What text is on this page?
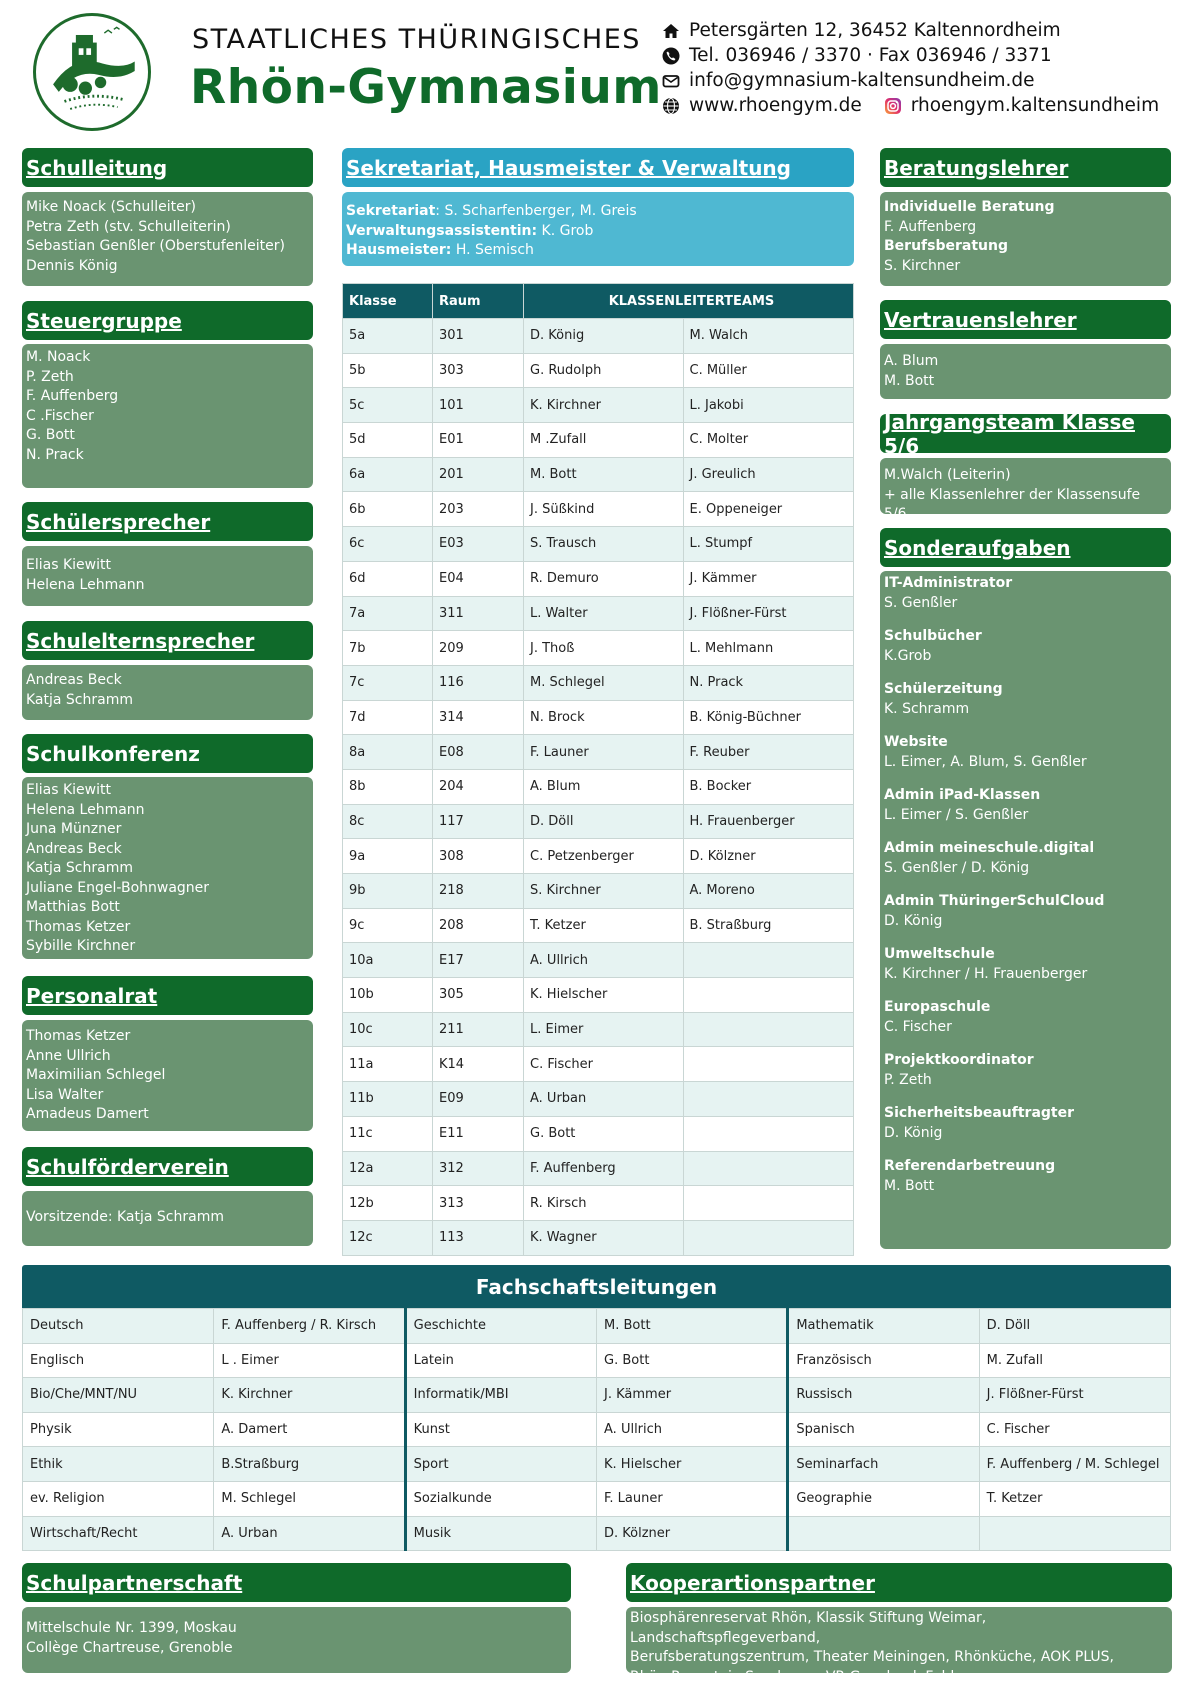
STAATLICHES THÜRINGISCHES
Rhön-Gymnasium
Petersgärten 12, 36452 Kaltennordheim
Tel. 036946 / 3370 · Fax 036946 / 3371
info@gymnasium-kaltensundheim.de
www.rhoengym.de	rhoengym.kaltensundheim
Schulleitung
Mike Noack (Schulleiter)
Petra Zeth (stv. Schulleiterin)
Sebastian Genßler (Oberstufenleiter)
Dennis König
Steuergruppe
M. Noack
P. Zeth
F. Auffenberg
C .Fischer
G. Bott
N. Prack
Schülersprecher
Elias Kiewitt
Helena Lehmann
Schulelternsprecher
Andreas Beck
Katja Schramm
Schulkonferenz
Elias Kiewitt
Helena Lehmann
Juna Münzner
Andreas Beck
Katja Schramm
Juliane Engel-Bohnwagner
Matthias Bott
Thomas Ketzer
Sybille Kirchner
Personalrat
Thomas Ketzer
Anne Ullrich
Maximilian Schlegel
Lisa Walter
Amadeus Damert
Schulförderverein
Vorsitzende: Katja Schramm
Sekretariat, Hausmeister & Verwaltung
Sekretariat: S. Scharfenberger, M. Greis
Verwaltungsassistentin: K. Grob
Hausmeister: H. Semisch
Klasse	Raum	KLASSENLEITERTEAMS	
5a	301	D. König	M. Walch
5b	303	G. Rudolph	C. Müller
5c	101	K. Kirchner	L. Jakobi
5d	E01	M .Zufall	C. Molter
6a	201	M. Bott	J. Greulich
6b	203	J. Süßkind	E. Oppeneiger
6c	E03	S. Trausch	L. Stumpf
6d	E04	R. Demuro	J. Kämmer
7a	311	L. Walter	J. Flößner-Fürst
7b	209	J. Thoß	L. Mehlmann
7c	116	M. Schlegel	N. Prack
7d	314	N. Brock	B. König-Büchner
8a	E08	F. Launer	F. Reuber
8b	204	A. Blum	B. Bocker
8c	117	D. Döll	H. Frauenberger
9a	308	C. Petzenberger	D. Kölzner
9b	218	S. Kirchner	A. Moreno
9c	208	T. Ketzer	B. Straßburg
10a	E17	A. Ullrich	
10b	305	K. Hielscher	
10c	211	L. Eimer	
11a	K14	C. Fischer	
11b	E09	A. Urban	
11c	E11	G. Bott	
12a	312	F. Auffenberg	
12b	313	R. Kirsch	
12c	113	K. Wagner	
Beratungslehrer
Individuelle Beratung
F. Auffenberg
Berufsberatung
S. Kirchner
Vertrauenslehrer
A. Blum
M. Bott
Jahrgangsteam Klasse 5/6
M.Walch (Leiterin)
+ alle Klassenlehrer der Klassensufe 5/6
Sonderaufgaben
IT-Administrator
S. Genßler
Schulbücher
K.Grob
Schülerzeitung
K. Schramm
Website
L. Eimer, A. Blum, S. Genßler
Admin iPad-Klassen
L. Eimer / S. Genßler
Admin meineschule.digital
S. Genßler / D. König
Admin ThüringerSchulCloud
D. König
Umweltschule
K. Kirchner / H. Frauenberger
Europaschule
C. Fischer
Projektkoordinator
P. Zeth
Sicherheitsbeauftragter
D. König
Referendarbetreuung
M. Bott
Fachschaftsleitungen
Deutsch	F. Auffenberg / R. Kirsch	Geschichte	M. Bott	Mathematik	D. Döll
Englisch	L . Eimer	Latein	G. Bott	Französisch	M. Zufall
Bio/Che/MNT/NU	K. Kirchner	Informatik/MBI	J. Kämmer	Russisch	J. Flößner-Fürst
Physik	A. Damert	Kunst	A. Ullrich	Spanisch	C. Fischer
Ethik	B.Straßburg	Sport	K. Hielscher	Seminarfach	F. Auffenberg / M. Schlegel
ev. Religion	M. Schlegel	Sozialkunde	F. Launer	Geographie	T. Ketzer
Wirtschaft/Recht	A. Urban	Musik	D. Kölzner		
Schulpartnerschaft
Mittelschule Nr. 1399, Moskau
Collège Chartreuse, Grenoble
Kooperartionspartner
Biosphärenreservat Rhön, Klassik Stiftung Weimar, Landschaftspflegeverband,
Berufsberatungszentrum, Theater Meiningen, Rhönküche, AOK PLUS,
Rhön-Rennsteig Sparkasse, VR Genobank Fulda
